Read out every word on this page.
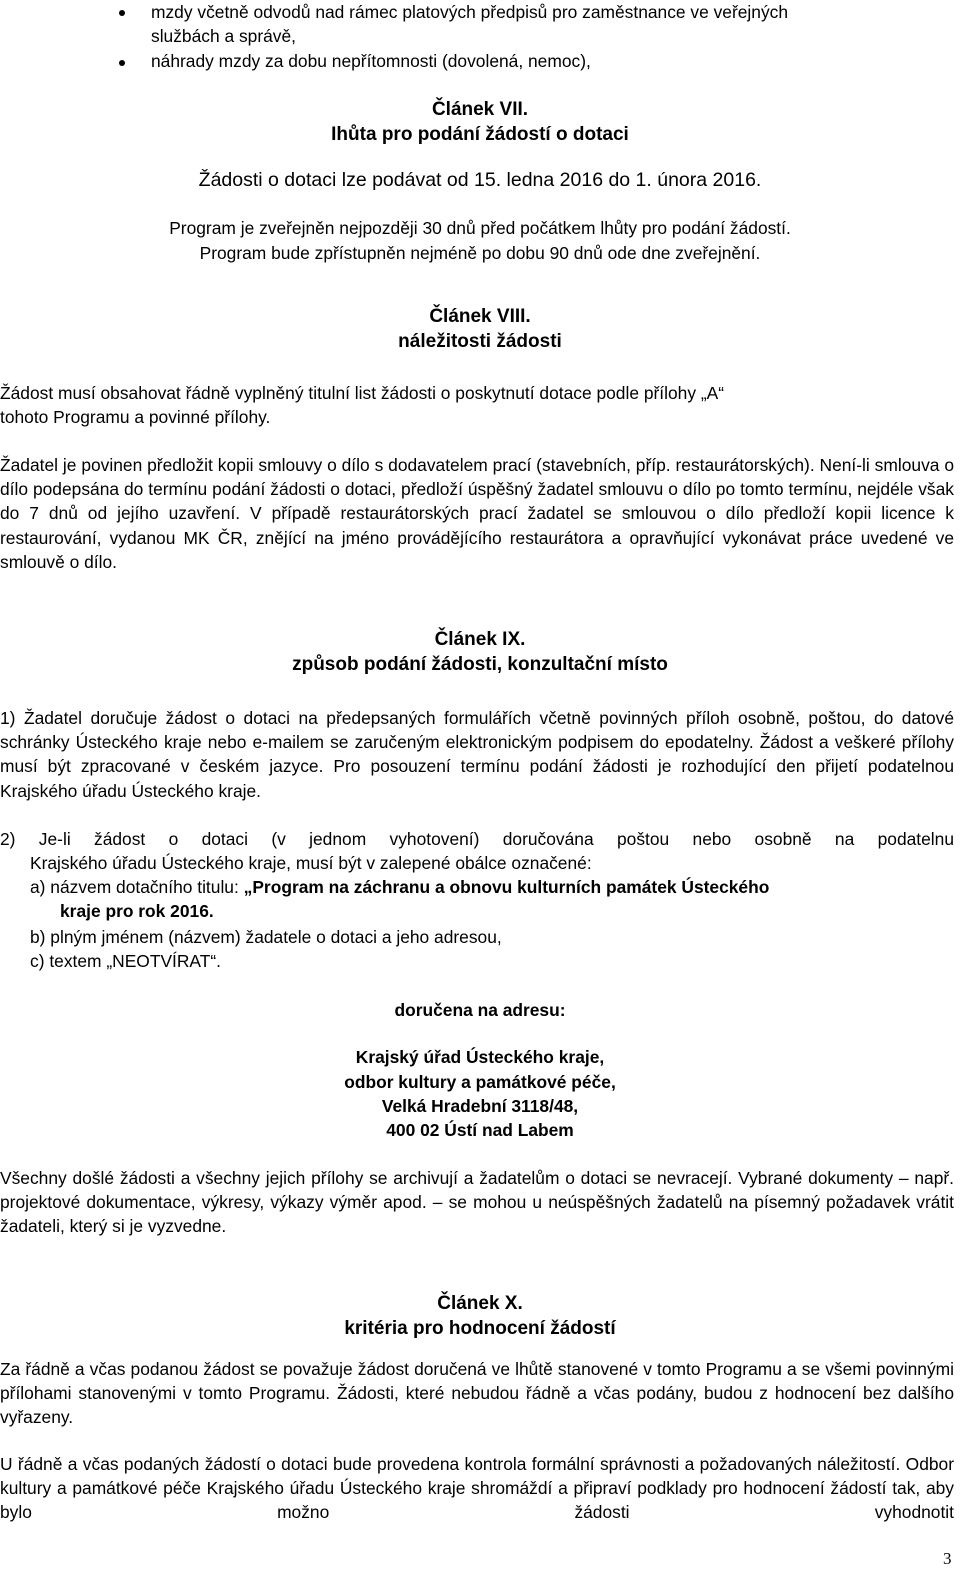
mzdy včetně odvodů nad rámec platových předpisů pro zaměstnance ve veřejných

službách a správě,

náhrady mzdy za dobu nepřítomnosti (dovolená, nemoc),

Článek VII.

Ihůta pro podání žádostí o dotaci

Žádosti o dotaci lze podávat od 15. ledna 2016 do 1. února 2016.

Program je zveřejněn nejpozději 30 dnů před počátkem lhůty pro podání žádostí.

Program bude zpřístupněn nejméně po dobu 90 dnů ode dne zveřejnění.

Článek VIII.

náležitosti žádosti

Žádost musí obsahovat řádně vyplněný titulní list žádosti o poskytnutí dotace podle přílohy „A“

tohoto Programu a povinné přílohy.

Žadatel je povinen předložit kopii smlouvy o dílo s dodavatelem prací (stavebních, příp. restaurátorských). Není-li smlouva o dílo podepsána do termínu podání žádosti o dotaci, předloží úspěšný žadatel smlouvu o dílo po tomto termínu, nejdéle však do 7 dnů od jejího uzavření. V případě restaurátorských prací žadatel se smlouvou o dílo předloží kopii licence k restaurování, vydanou MK ČR, znějící na jméno provádějícího restaurátora a opravňující vykonávat práce uvedené ve smlouvě o dílo.

Článek IX.

způsob podání žádosti, konzultační místo

1) Žadatel doručuje žádost o dotaci na předepsaných formulářích včetně povinných příloh osobně, poštou, do datové schránky Ústeckého kraje nebo e-mailem se zaručeným elektronickým podpisem do epodatelny. Žádost a veškeré přílohy musí být zpracované v českém jazyce. Pro posouzení termínu podání žádosti je rozhodující den přijetí podatelnou Krajského úřadu Ústeckého kraje.

2) Je-li žádost o dotaci (v jednom vyhotovení) doručována poštou nebo osobně na podatelnu

Krajského úřadu Ústeckého kraje, musí být v zalepené obálce označené:

a) názvem dotačního titulu: „Program na záchranu a obnovu kulturních památek Ústeckého

kraje pro rok 2016.

b) plným jménem (názvem) žadatele o dotaci a jeho adresou,

c) textem „NEOTVÍRAT“.

doručena na adresu:

Krajský úřad Ústeckého kraje,

odbor kultury a památkové péče,

Velká Hradební 3118/48,

400 02 Ústí nad Labem

Všechny došlé žádosti a všechny jejich přílohy se archivují a žadatelům o dotaci se nevracejí. Vybrané dokumenty – např. projektové dokumentace, výkresy, výkazy výměr apod. – se mohou u neúspěšných žadatelů na písemný požadavek vrátit žadateli, který si je vyzvedne.

Článek X.

kritéria pro hodnocení žádostí

Za řádně a včas podanou žádost se považuje žádost doručená ve lhůtě stanovené v tomto Programu a se všemi povinnými přílohami stanovenými v tomto Programu. Žádosti, které nebudou řádně a včas podány, budou z hodnocení bez dalšího vyřazeny.

U řádně a včas podaných žádostí o dotaci bude provedena kontrola formální správnosti a požadovaných náležitostí. Odbor kultury a památkové péče Krajského úřadu Ústeckého kraje shromáždí a připraví podklady pro hodnocení žádostí tak, aby bylo možno žádosti vyhodnotit

3
